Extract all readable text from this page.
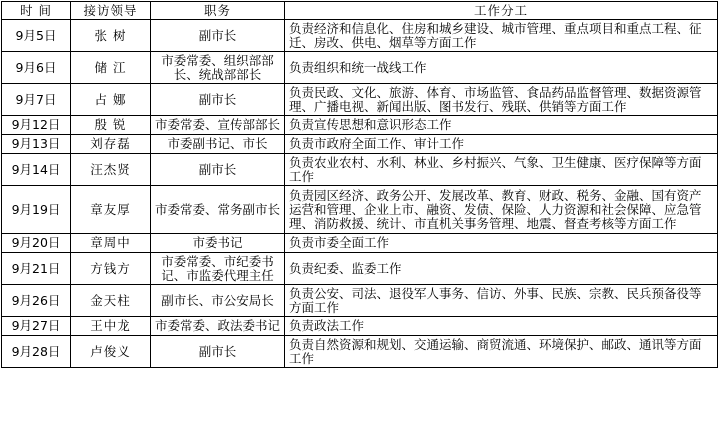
时 间	接访领导	职务	工作分工
9月5日	张 树	副市长	负责经济和信息化、住房和城乡建设、城市管理、重点项目和重点工程、征迁、房改、供电、烟草等方面工作
9月6日	储 江	市委常委、组织部部长、统战部部长	负责组织和统一战线工作
9月7日	占 娜	副市长	负责民政、文化、旅游、体育、市场监管、食品药品监督管理、数据资源管理、广播电视、新闻出版、图书发行、残联、供销等方面工作
9月12日	殷 锐	市委常委、宣传部部长	负责宣传思想和意识形态工作
9月13日	刘存磊	市委副书记、市长	负责市政府全面工作、审计工作
9月14日	汪杰贤	副市长	负责农业农村、水利、林业、乡村振兴、气象、卫生健康、医疗保障等方面工作
9月19日	章友厚	市委常委、常务副市长	负责园区经济、政务公开、发展改革、教育、财政、税务、金融、国有资产运营和管理、企业上市、融资、发债、保险、人力资源和社会保障、应急管理、消防救援、统计、市直机关事务管理、地震、督查考核等方面工作
9月20日	章周中	市委书记	负责市委全面工作
9月21日	方钱方	市委常委、市纪委书记、市监委代理主任	负责纪委、监委工作
9月26日	金天柱	副市长、市公安局长	负责公安、司法、退役军人事务、信访、外事、民族、宗教、民兵预备役等方面工作
9月27日	王中龙	市委常委、政法委书记	负责政法工作
9月28日	卢俊义	副市长	负责自然资源和规划、交通运输、商贸流通、环境保护、邮政、通讯等方面工作
